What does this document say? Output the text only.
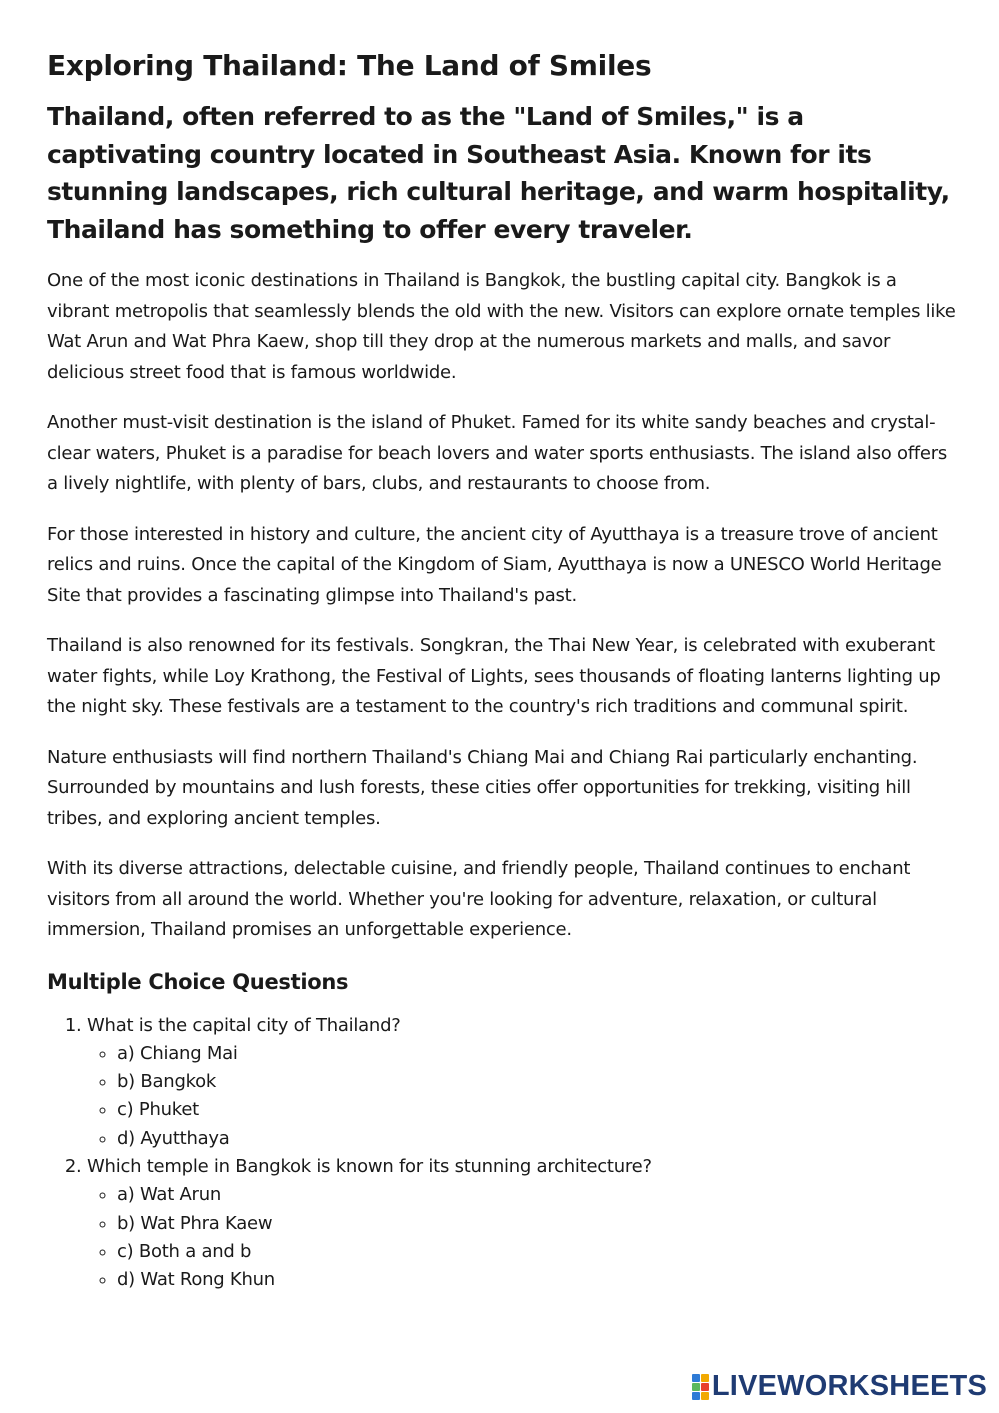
Exploring Thailand: The Land of Smiles

Thailand, often referred to as the "Land of Smiles," is a captivating country located in Southeast Asia. Known for its stunning landscapes, rich cultural heritage, and warm hospitality, Thailand has something to offer every traveler.

One of the most iconic destinations in Thailand is Bangkok, the bustling capital city. Bangkok is a vibrant metropolis that seamlessly blends the old with the new. Visitors can explore ornate temples like Wat Arun and Wat Phra Kaew, shop till they drop at the numerous markets and malls, and savor delicious street food that is famous worldwide.

Another must-visit destination is the island of Phuket. Famed for its white sandy beaches and crystal-clear waters, Phuket is a paradise for beach lovers and water sports enthusiasts. The island also offers a lively nightlife, with plenty of bars, clubs, and restaurants to choose from.

For those interested in history and culture, the ancient city of Ayutthaya is a treasure trove of ancient relics and ruins. Once the capital of the Kingdom of Siam, Ayutthaya is now a UNESCO World Heritage Site that provides a fascinating glimpse into Thailand's past.

Thailand is also renowned for its festivals. Songkran, the Thai New Year, is celebrated with exuberant water fights, while Loy Krathong, the Festival of Lights, sees thousands of floating lanterns lighting up the night sky. These festivals are a testament to the country's rich traditions and communal spirit.

Nature enthusiasts will find northern Thailand's Chiang Mai and Chiang Rai particularly enchanting. Surrounded by mountains and lush forests, these cities offer opportunities for trekking, visiting hill tribes, and exploring ancient temples.

With its diverse attractions, delectable cuisine, and friendly people, Thailand continues to enchant visitors from all around the world. Whether you're looking for adventure, relaxation, or cultural immersion, Thailand promises an unforgettable experience.

Multiple Choice Questions
1. What is the capital city of Thailand?
◦ a) Chiang Mai
◦ b) Bangkok
◦ c) Phuket
◦ d) Ayutthaya
2. Which temple in Bangkok is known for its stunning architecture?
◦ a) Wat Arun
◦ b) Wat Phra Kaew
◦ c) Both a and b
◦ d) Wat Rong Khun
LIVEWORKSHEETS
